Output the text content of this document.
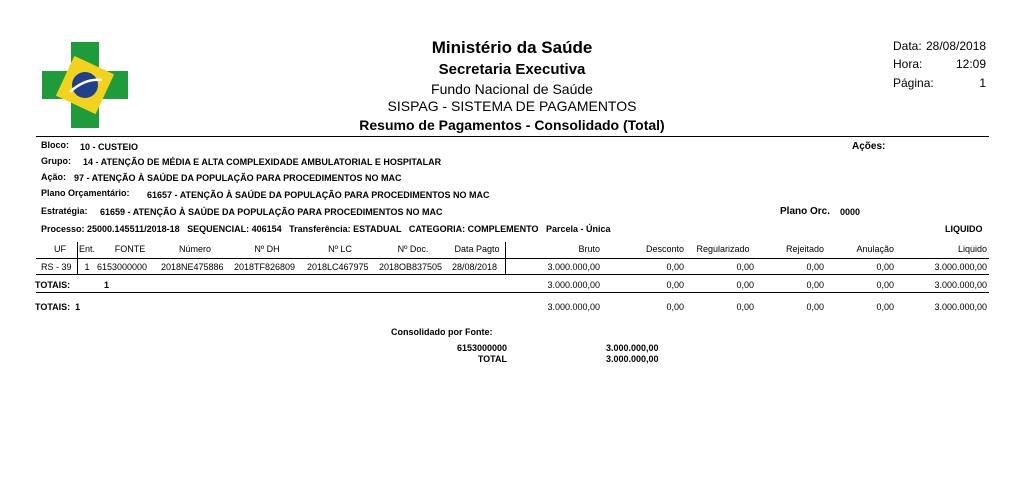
Ministério da Saúde
Secretaria Executiva
Fundo Nacional de Saúde
SISPAG - SISTEMA DE PAGAMENTOS
Resumo de Pagamentos - Consolidado (Total)
Data: 28/08/2018
Hora:	12:09
Página:	1
Bloco: 10 - CUSTEIO	Ações:
Grupo: 14 - ATENÇÃO DE MÉDIA E ALTA COMPLEXIDADE AMBULATORIAL E HOSPITALAR
Ação: 97 - ATENÇÃO À SAÚDE DA POPULAÇÃO PARA PROCEDIMENTOS NO MAC
Plano Orçamentário: 61657 - ATENÇÃO À SAÚDE DA POPULAÇÃO PARA PROCEDIMENTOS NO MAC
Estratégia: 61659 - ATENÇÃO À SAÚDE DA POPULAÇÃO PARA PROCEDIMENTOS NO MAC	Plano Orc. 0000
Processo: 25000.145511/2018-18   SEQUENCIAL: 406154   Transferência: ESTADUAL   CATEGORIA: COMPLEMENTO   Parcela - Única	LIQUIDO
UF	Ent.	FONTE	Número	Nº DH	Nº LC	Nº Doc.	Data Pagto	Bruto	Desconto	Regularizado	Rejeitado	Anulação	Liquido
RS - 39	1 6153000000 2018NE475886 2018TF826809 2018LC467975 2018OB837505 28/08/2018	3.000.000,00	0,00	0,00	0,00	0,00	3.000.000,00
TOTAIS:	1	3.000.000,00	0,00	0,00	0,00	0,00	3.000.000,00
TOTAIS:  1	3.000.000,00	0,00	0,00	0,00	0,00	3.000.000,00
Consolidado por Fonte:
6153000000	3.000.000,00
TOTAL	3.000.000,00
